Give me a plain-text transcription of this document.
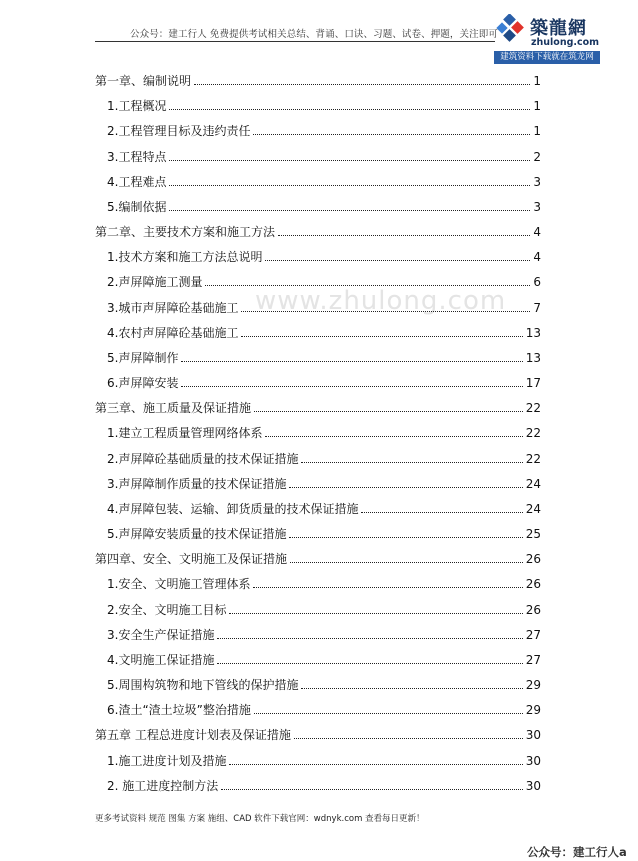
公众号：建工行人 免费提供考试相关总结、背诵、口诀、习题、试卷、押题，关注即可 築龍網
zhulong.com
建筑资料下载就在筑龙网
www.zhulong.com
第一章、编制说明	1
1.工程概况	1
2.工程管理目标及违约责任	1
3.工程特点	2
4.工程难点	3
5.编制依据	3
第二章、主要技术方案和施工方法	4
1.技术方案和施工方法总说明	4
2.声屏障施工测量	6
3.城市声屏障砼基础施工	7
4.农村声屏障砼基础施工	13
5.声屏障制作	13
6.声屏障安装	17
第三章、施工质量及保证措施	22
1.建立工程质量管理网络体系	22
2.声屏障砼基础质量的技术保证措施	22
3.声屏障制作质量的技术保证措施	24
4.声屏障包装、运输、卸货质量的技术保证措施	24
5.声屏障安装质量的技术保证措施	25
第四章、安全、文明施工及保证措施	26
1.安全、文明施工管理体系	26
2.安全、文明施工目标	26
3.安全生产保证措施	27
4.文明施工保证措施	27
5.周围构筑物和地下管线的保护措施	29
6.渣土“渣土垃圾”整治措施	29
第五章 工程总进度计划表及保证措施	30
1.施工进度计划及措施	30
2. 施工进度控制方法	30
更多考试资料 规范 图集 方案 施组、CAD 软件下载官网：wdnyk.com 查看每日更新！
公众号：建工行人a
